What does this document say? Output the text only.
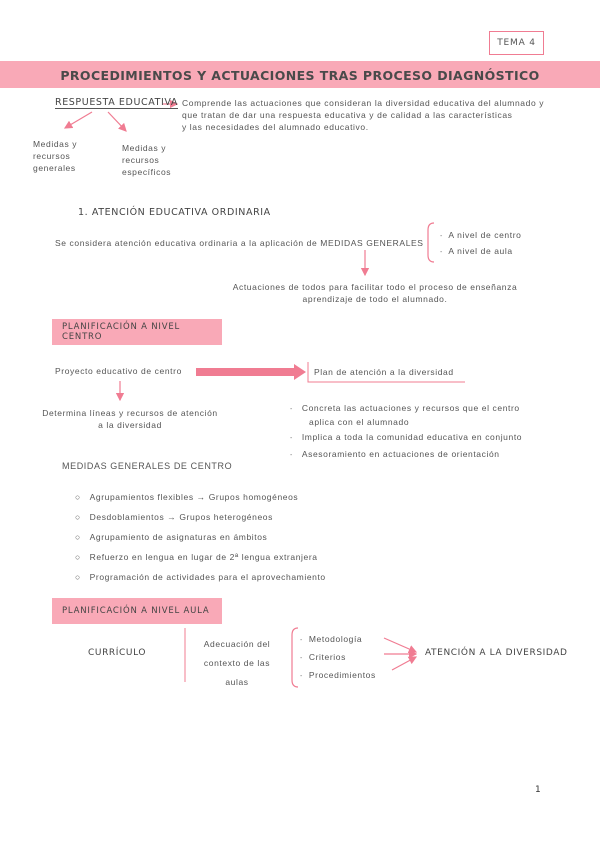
TEMA 4
PROCEDIMIENTOS Y ACTUACIONES TRAS PROCESO DIAGNÓSTICO
RESPUESTA EDUCATIVA Comprende las actuaciones que consideran la diversidad educativa del alumnado y
que tratan de dar una respuesta educativa y de calidad a las características
y las necesidades del alumnado educativo.
Medidas y
recursos
generales
Medidas y
recursos
específicos
1. ATENCIÓN EDUCATIVA ORDINARIA
Se considera atención educativa ordinaria a la aplicación de MEDIDAS GENERALES
- A nivel de centro
- A nivel de aula
Actuaciones de todos para facilitar todo el proceso de enseñanza
aprendizaje de todo el alumnado.
PLANIFICACIÓN A NIVEL CENTRO
Proyecto educativo de centro	Plan de atención a la diversidad
Determina líneas y recursos de atención
a la diversidad
- Concreta las actuaciones y recursos que el centro
aplica con el alumnado
- Implica a toda la comunidad educativa en conjunto
- Asesoramiento en actuaciones de orientación
MEDIDAS GENERALES DE CENTRO
○ Agrupamientos flexibles → Grupos homogéneos
○ Desdoblamientos → Grupos heterogéneos
○ Agrupamiento de asignaturas en ámbitos
○ Refuerzo en lengua en lugar de 2ª lengua extranjera
○ Programación de actividades para el aprovechamiento
PLANIFICACIÓN A NIVEL AULA
CURRÍCULO
Adecuación del
contexto de las aulas
- Metodología
- Criterios
- Procedimientos
ATENCIÓN A LA DIVERSIDAD
1
